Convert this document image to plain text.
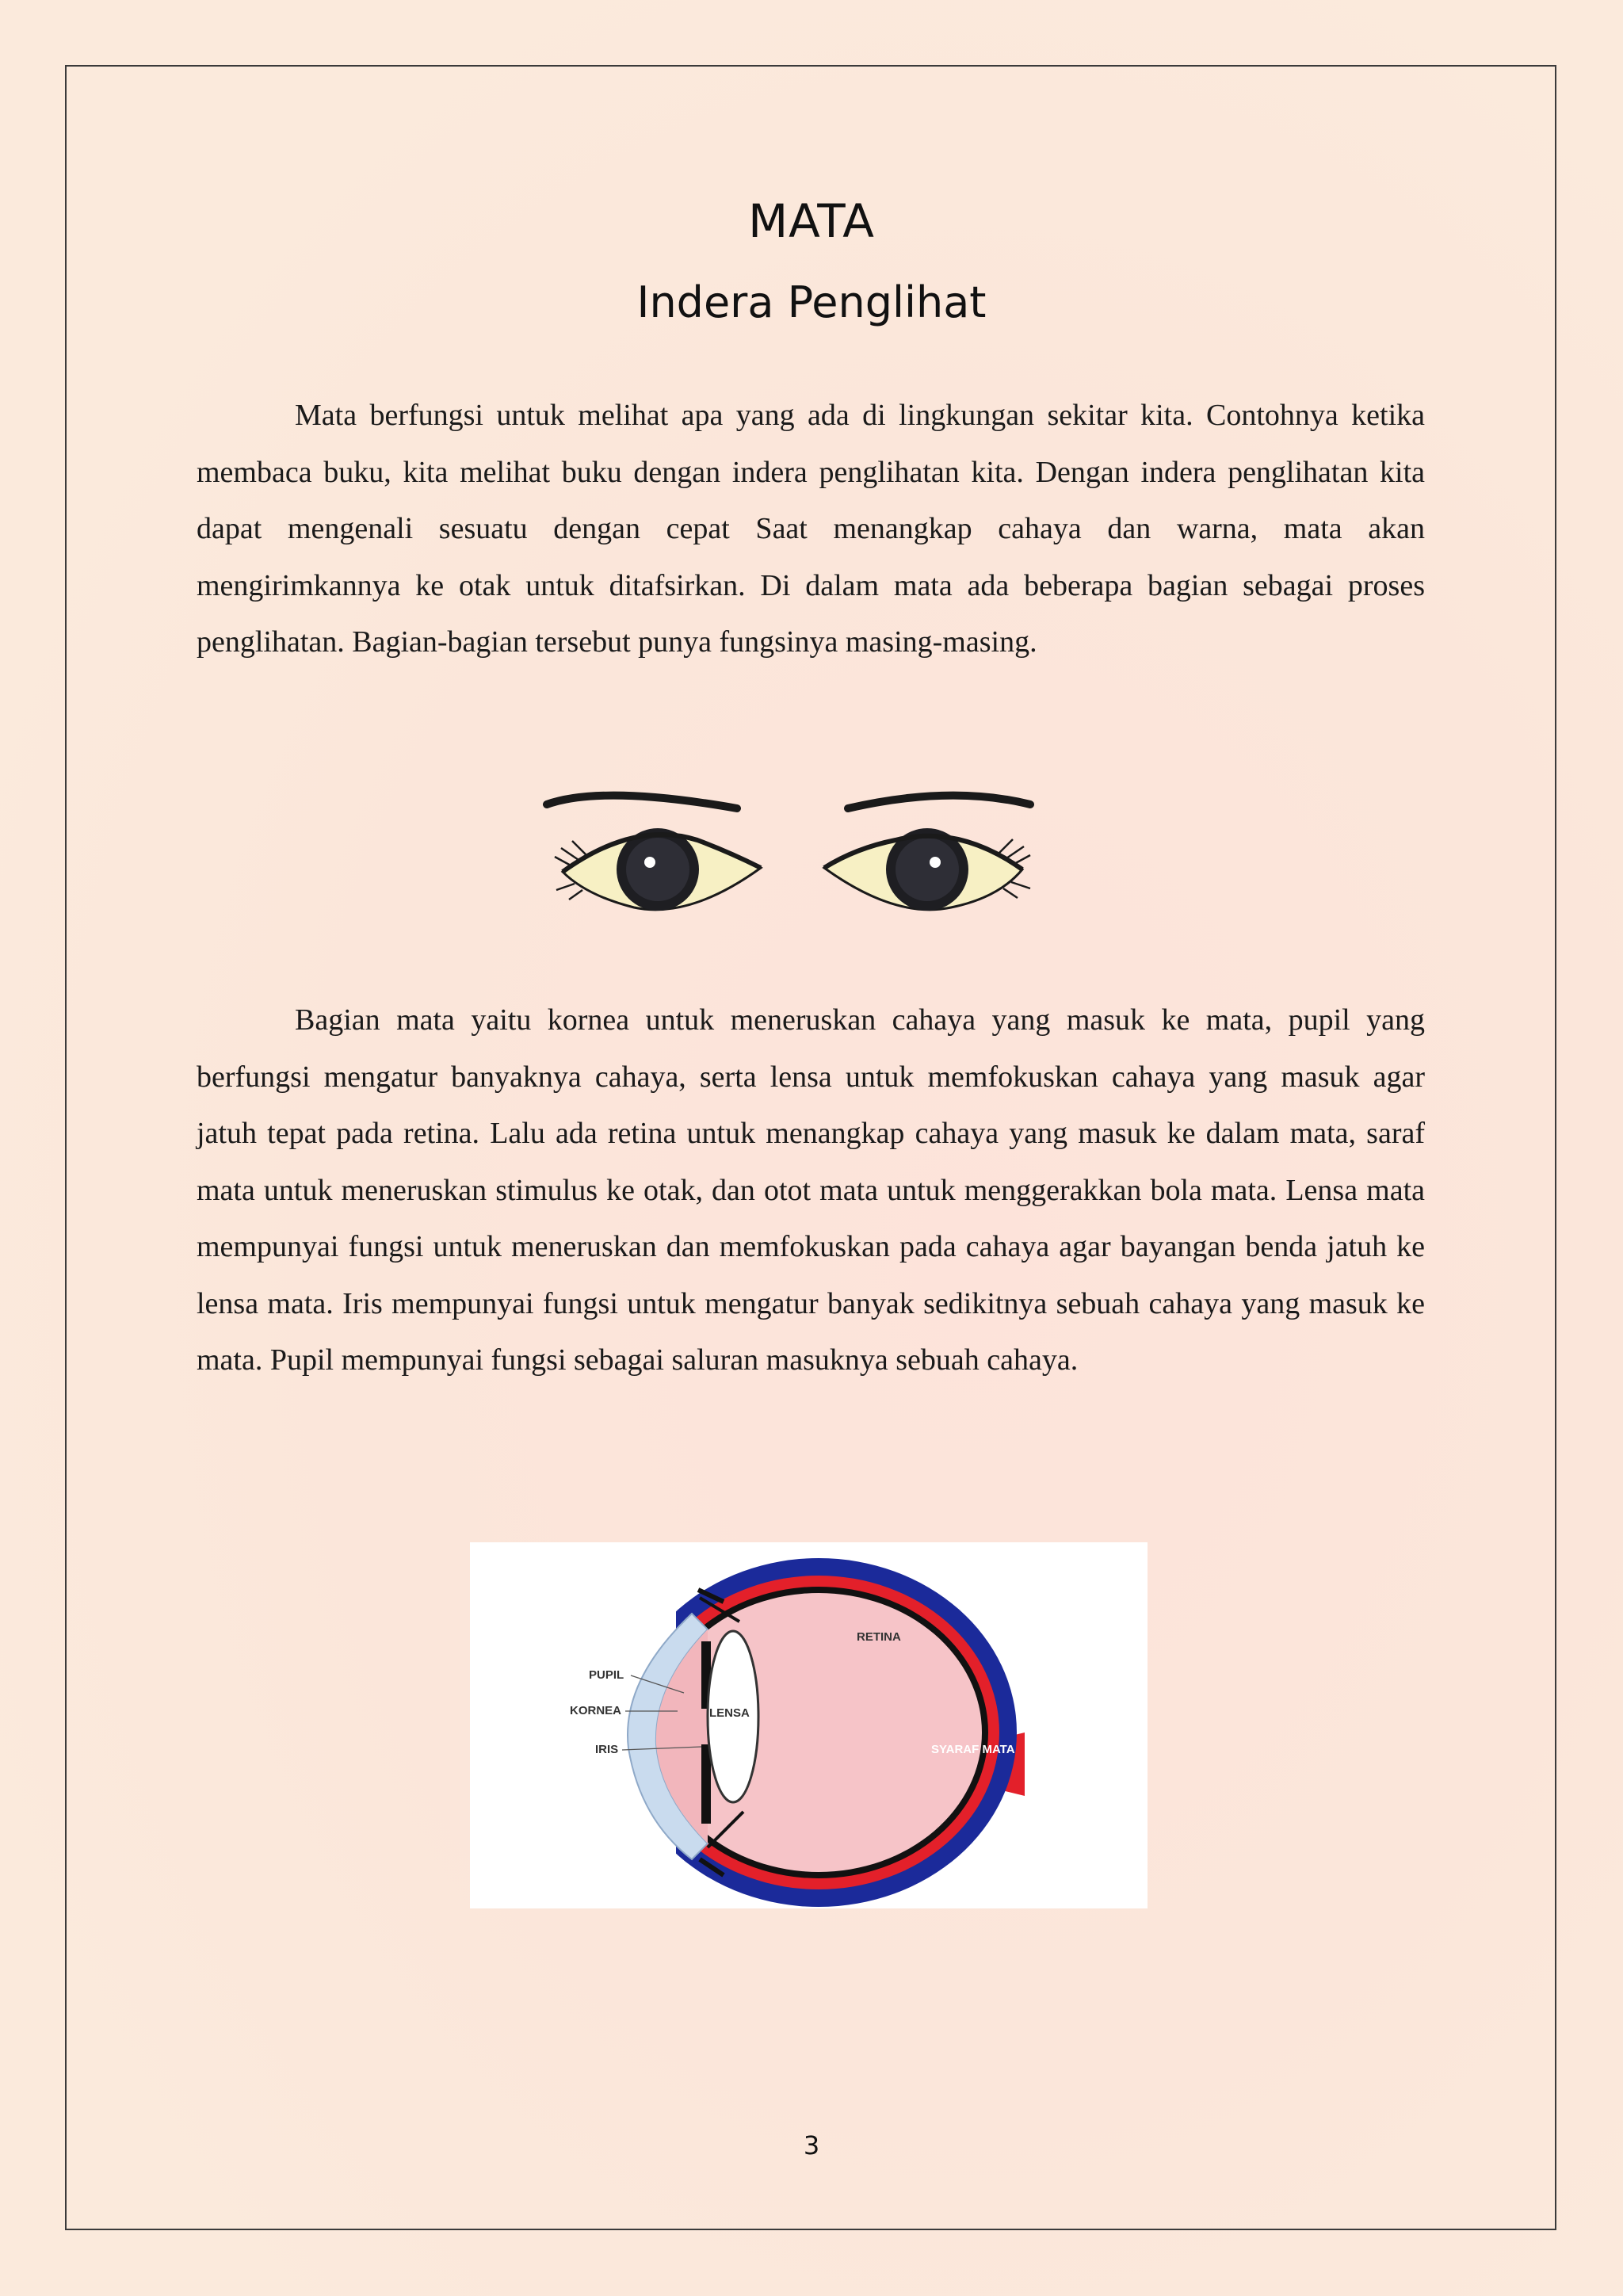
MATA
Indera Penglihat

Mata berfungsi untuk melihat apa yang ada di lingkungan sekitar kita. Contohnya ketika membaca buku, kita melihat buku dengan indera penglihatan kita. Dengan indera penglihatan kita dapat mengenali sesuatu dengan cepat Saat menangkap cahaya dan warna, mata akan mengirimkannya ke otak untuk ditafsirkan. Di dalam mata ada beberapa bagian sebagai proses penglihatan. Bagian-bagian tersebut punya fungsinya masing-masing.

Bagian mata yaitu kornea untuk meneruskan cahaya yang masuk ke mata, pupil yang berfungsi mengatur banyaknya cahaya, serta lensa untuk memfokuskan cahaya yang masuk agar jatuh tepat pada retina. Lalu ada retina untuk menangkap cahaya yang masuk ke dalam mata, saraf mata untuk meneruskan stimulus ke otak, dan otot mata untuk menggerakkan bola mata. Lensa mata mempunyai fungsi untuk meneruskan dan memfokuskan pada cahaya agar bayangan benda jatuh ke lensa mata. Iris mempunyai fungsi untuk mengatur banyak sedikitnya sebuah cahaya yang masuk ke mata. Pupil mempunyai fungsi sebagai saluran masuknya sebuah cahaya.

PUPIL
KORNEA
IRIS
LENSA
RETINA
SYARAF MATA
3
